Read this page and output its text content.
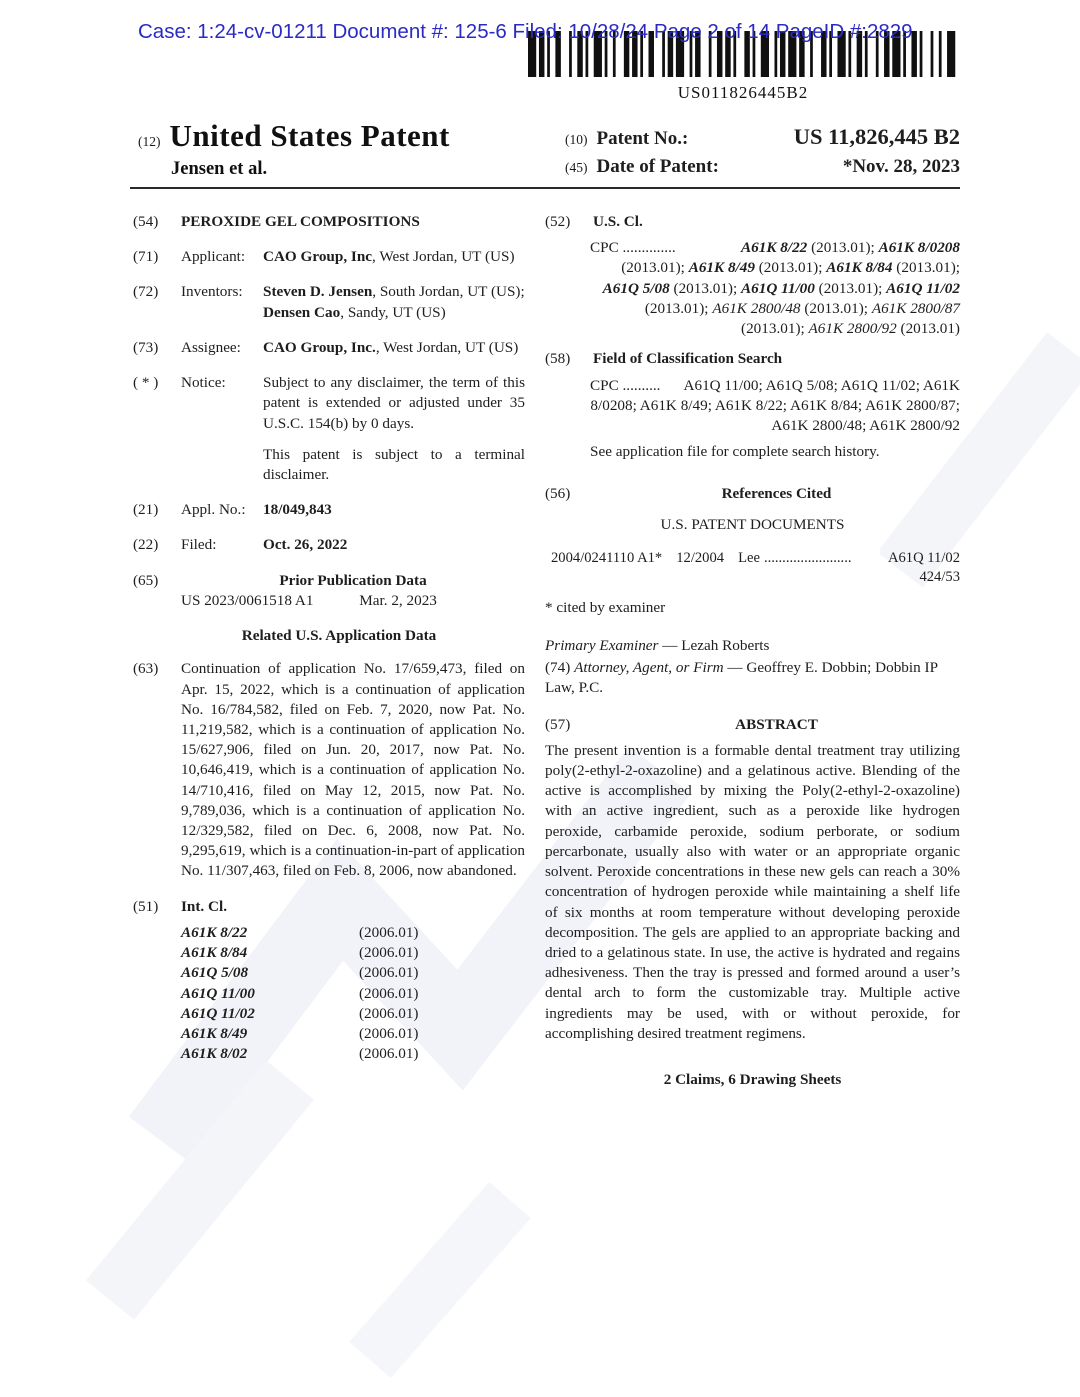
Case: 1:24-cv-01211 Document #: 125-6 Filed: 10/28/24 Page 2 of 14 PageID #:2829
US011826445B2
(12) United States Patent
Jensen et al.
(10) Patent No.:	US 11,826,445 B2
(45) Date of Patent:	*Nov. 28, 2023
(54)	PEROXIDE GEL COMPOSITIONS
(71)	Applicant:	CAO Group, Inc, West Jordan, UT (US)
(72)	Inventors:	Steven D. Jensen, South Jordan, UT (US); Densen Cao, Sandy, UT (US)
(73)	Assignee:	CAO Group, Inc., West Jordan, UT (US)
( * )	Notice:	Subject to any disclaimer, the term of this patent is extended or adjusted under 35 U.S.C. 154(b) by 0 days.
This patent is subject to a terminal disclaimer.
(21)	Appl. No.:	18/049,843
(22)	Filed:	Oct. 26, 2022
(65)	Prior Publication Data
US 2023/0061518 A1	Mar. 2, 2023
Related U.S. Application Data
(63)	Continuation of application No. 17/659,473, filed on Apr. 15, 2022, which is a continuation of application No. 16/784,582, filed on Feb. 7, 2020, now Pat. No. 11,219,582, which is a continuation of application No. 15/627,906, filed on Jun. 20, 2017, now Pat. No. 10,646,419, which is a continuation of application No. 14/710,416, filed on May 12, 2015, now Pat. No. 9,789,036, which is a continuation of application No. 12/329,582, filed on Dec. 6, 2008, now Pat. No. 9,295,619, which is a continuation-in-part of application No. 11/307,463, filed on Feb. 8, 2006, now abandoned.
(51)	Int. Cl.
A61K 8/22	(2006.01)
A61K 8/84	(2006.01)
A61Q 5/08	(2006.01)
A61Q 11/00	(2006.01)
A61Q 11/02	(2006.01)
A61K 8/49	(2006.01)
A61K 8/02	(2006.01)
(52)	U.S. Cl.
CPC ..............	A61K 8/22 (2013.01); A61K 8/0208 (2013.01); A61K 8/49 (2013.01); A61K 8/84 (2013.01); A61Q 5/08 (2013.01); A61Q 11/00 (2013.01); A61Q 11/02 (2013.01); A61K 2800/48 (2013.01); A61K 2800/87 (2013.01); A61K 2800/92 (2013.01)
(58)	Field of Classification Search
CPC .......... A61Q 11/00; A61Q 5/08; A61Q 11/02; A61K 8/0208; A61K 8/49; A61K 8/22; A61K 8/84; A61K 2800/87; A61K 2800/48; A61K 2800/92
See application file for complete search history.
(56)	References Cited
U.S. PATENT DOCUMENTS
2004/0241110 A1* 12/2004 Lee ........................	A61Q 11/02
424/53
* cited by examiner
Primary Examiner — Lezah Roberts
(74) Attorney, Agent, or Firm — Geoffrey E. Dobbin; Dobbin IP Law, P.C.
(57)	ABSTRACT
The present invention is a formable dental treatment tray utilizing poly(2-ethyl-2-oxazoline) and a gelatinous active. Blending of the active is accomplished by mixing the Poly(2-ethyl-2-oxazoline) with an active ingredient, such as a peroxide like hydrogen peroxide, carbamide peroxide, sodium perborate, or sodium percarbonate, usually also with water or an appropriate organic solvent. Peroxide concentrations in these new gels can reach a 30% concentration of hydrogen peroxide while maintaining a shelf life of six months at room temperature without developing peroxide decomposition. The gels are applied to an appropriate backing and dried to a gelatinous state. In use, the active is hydrated and regains adhesiveness. Then the tray is pressed and formed around a user’s dental arch to form the customizable tray. Multiple active ingredients may be used, with or without peroxide, for accomplishing desired treatment regimens.
2 Claims, 6 Drawing Sheets
